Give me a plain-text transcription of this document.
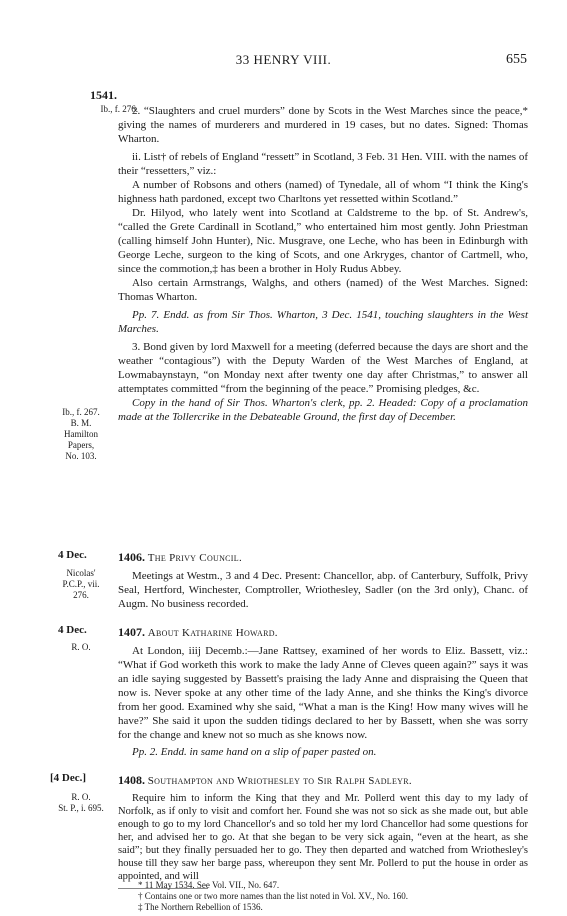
33 HENRY VIII.	655
1541.
Ib., f. 276.

2. “Slaughters and cruel murders” done by Scots in the West Marches since the peace,* giving the names of murderers and murdered in 19 cases, but no dates. Signed: Thomas Wharton.

ii. List† of rebels of England “ressett” in Scotland, 3 Feb. 31 Hen. VIII. with the names of their “ressetters,” viz.:

A number of Robsons and others (named) of Tynedale, all of whom “I think the King's highness hath pardoned, except two Charltons yet ressetted within Scotland.”

Dr. Hilyod, who lately went into Scotland at Caldstreme to the bp. of St. Andrew's, “called the Grete Cardinall in Scotland,” who entertained him most gently. John Priestman (calling himself John Hunter), Nic. Musgrave, one Leche, who has been in Edinburgh with George Leche, surgeon to the king of Scots, and one Arkryges, chantor of Cartmell, who, since the commotion,‡ has been a brother in Holy Rudus Abbey.

Also certain Armstrangs, Walghs, and others (named) of the West Marches. Signed: Thomas Wharton.

Pp. 7. Endd. as from Sir Thos. Wharton, 3 Dec. 1541, touching slaughters in the West Marches.

3. Bond given by lord Maxwell for a meeting (deferred because the days are short and the weather “contagious”) with the Deputy Warden of the West Marches of England, at Lowmabaynstayn, “on Monday next after twenty one day after Christmas,” to answer all attemptates committed “from the beginning of the peace.” Promising pledges, &c.

Copy in the hand of Sir Thos. Wharton's clerk, pp. 2. Headed: Copy of a proclamation made at the Tollercrike in the Debateable Ground, the first day of December.

Ib., f. 267.
B. M.
Hamilton
Papers,
No. 103.
4 Dec.
Nicolas'
P.C.P., vii.
276.
1406. The Privy Council.
Meetings at Westm., 3 and 4 Dec. Present: Chancellor, abp. of Canterbury, Suffolk, Privy Seal, Hertford, Winchester, Comptroller, Wriothesley, Sadler (on the 3rd only), Chanc. of Augm. No business recorded.
4 Dec.
R. O.
1407. About Katharine Howard.
At London, iiij Decemb.:—Jane Rattsey, examined of her words to Eliz. Bassett, viz.: “What if God worketh this work to make the lady Anne of Cleves queen again?” says it was an idle saying suggested by Bassett's praising the lady Anne and dispraising the Queen that now is. Never spoke at any other time of the lady Anne, and she thinks the King's divorce from her good. Examined why she said, “What a man is the King! How many wives will he have?” She said it upon the sudden tidings declared to her by Bassett, when she was sorry for the change and knew not so much as she knows now.
Pp. 2. Endd. in same hand on a slip of paper pasted on.
[4 Dec.]
R. O.
St. P., i. 695.
1408. Southampton and Wriothesley to Sir Ralph Sadleyr.
Require him to inform the King that they and Mr. Pollerd went this day to my lady of Norfolk, as if only to visit and comfort her. Found she was not so sick as she made out, but able enough to go to my lord Chancellor's and so told her my lord Chancellor had some questions for her, and advised her to go. At that she began to be very sick again, “even at the heart, as she said”; but they finally persuaded her to go. They then departed and watched from Wriothesley's house till they saw her barge pass, whereupon they sent Mr. Pollerd to put the house in order as appointed, and will
* 11 May 1534. See Vol. VII., No. 647.
† Contains one or two more names than the list noted in Vol. XV., No. 160.
‡ The Northern Rebellion of 1536.
